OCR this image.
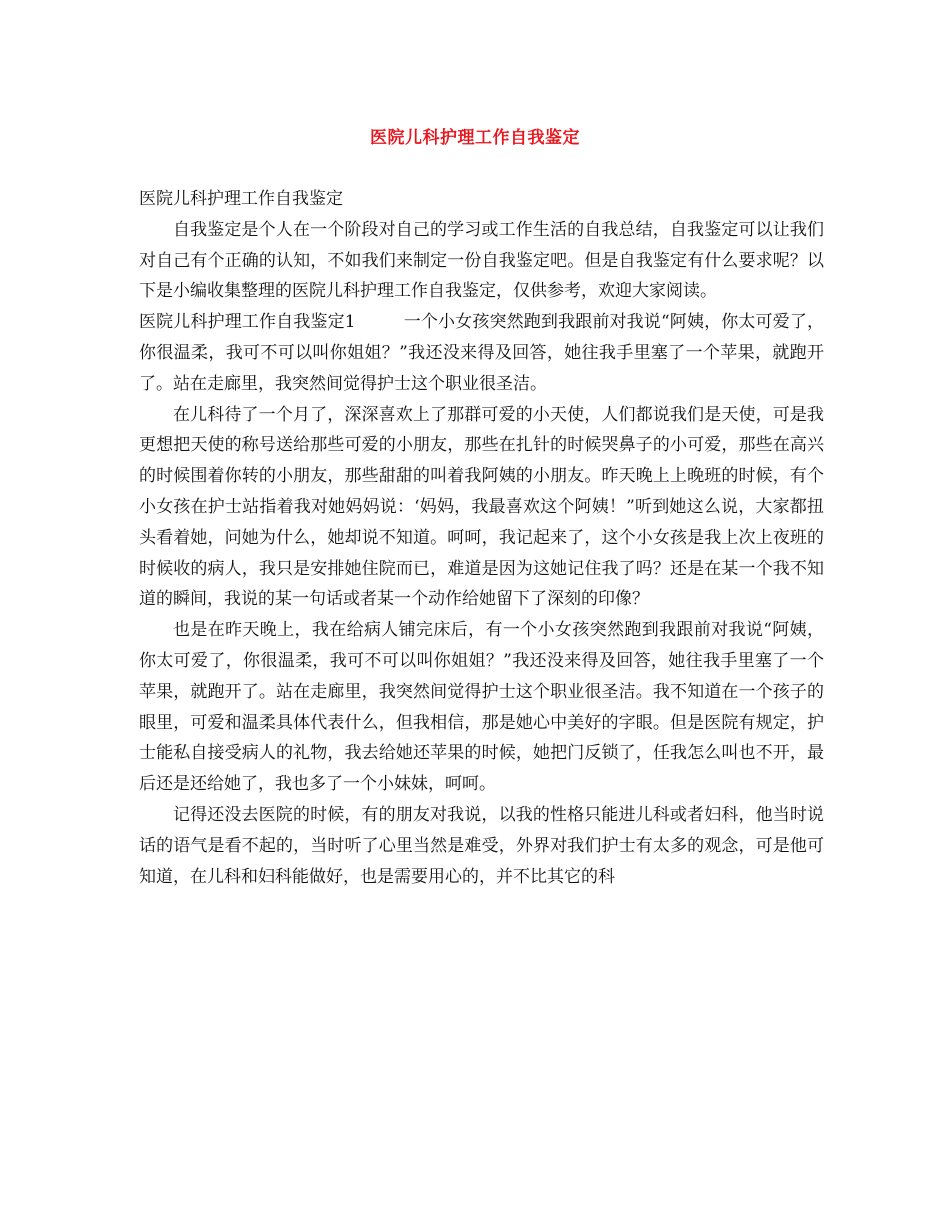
医院儿科护理工作自我鉴定

医院儿科护理工作自我鉴定

自我鉴定是个人在一个阶段对自己的学习或工作生活的自我总结，自我鉴定可以让我们对自己有个正确的认知，不如我们来制定一份自我鉴定吧。但是自我鉴定有什么要求呢？以下是小编收集整理的医院儿科护理工作自我鉴定，仅供参考，欢迎大家阅读。

医院儿科护理工作自我鉴定1	一个小女孩突然跑到我跟前对我说“阿姨，你太可爱了，你很温柔，我可不可以叫你姐姐？”我还没来得及回答，她往我手里塞了一个苹果，就跑开了。站在走廊里，我突然间觉得护士这个职业很圣洁。

在儿科待了一个月了，深深喜欢上了那群可爱的小天使，人们都说我们是天使，可是我更想把天使的称号送给那些可爱的小朋友，那些在扎针的时候哭鼻子的小可爱，那些在高兴的时候围着你转的小朋友，那些甜甜的叫着我阿姨的小朋友。昨天晚上上晚班的时候，有个小女孩在护士站指着我对她妈妈说：‘妈妈，我最喜欢这个阿姨！”听到她这么说，大家都扭头看着她，问她为什么，她却说不知道。呵呵，我记起来了，这个小女孩是我上次上夜班的时候收的病人，我只是安排她住院而已，难道是因为这她记住我了吗？还是在某一个我不知道的瞬间，我说的某一句话或者某一个动作给她留下了深刻的印像？

也是在昨天晚上，我在给病人铺完床后，有一个小女孩突然跑到我跟前对我说“阿姨，你太可爱了，你很温柔，我可不可以叫你姐姐？”我还没来得及回答，她往我手里塞了一个苹果，就跑开了。站在走廊里，我突然间觉得护士这个职业很圣洁。我不知道在一个孩子的眼里，可爱和温柔具体代表什么，但我相信，那是她心中美好的字眼。但是医院有规定，护士能私自接受病人的礼物，我去给她还苹果的时候，她把门反锁了，任我怎么叫也不开，最后还是还给她了，我也多了一个小妹妹，呵呵。

记得还没去医院的时候，有的朋友对我说，以我的性格只能进儿科或者妇科，他当时说话的语气是看不起的，当时听了心里当然是难受，外界对我们护士有太多的观念，可是他可知道，在儿科和妇科能做好，也是需要用心的，并不比其它的科
